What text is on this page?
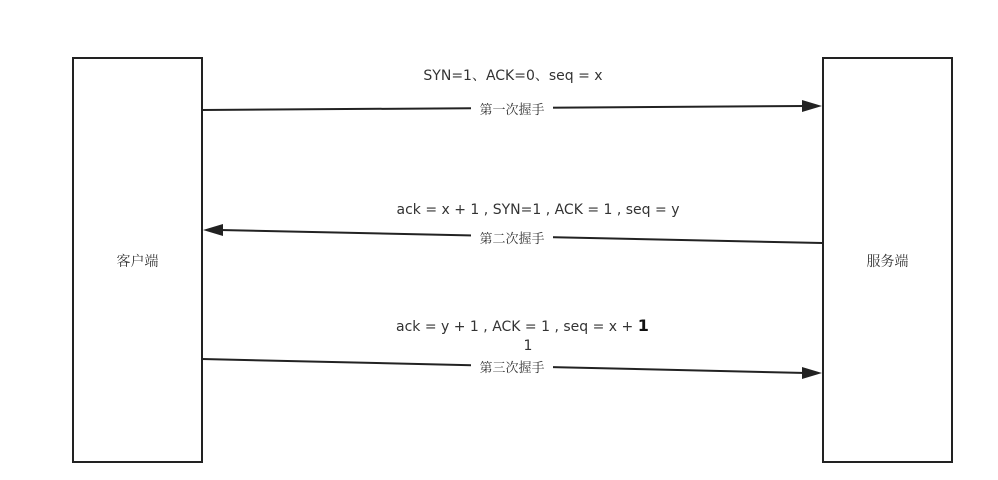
客户端	服务端
SYN=1、ACK=0、seq = x
第一次握手
ack = x + 1 , SYN=1 , ACK = 1 , seq = y
第二次握手
ack = y + 1 , ACK = 1 , seq = x + 1
1
第三次握手
